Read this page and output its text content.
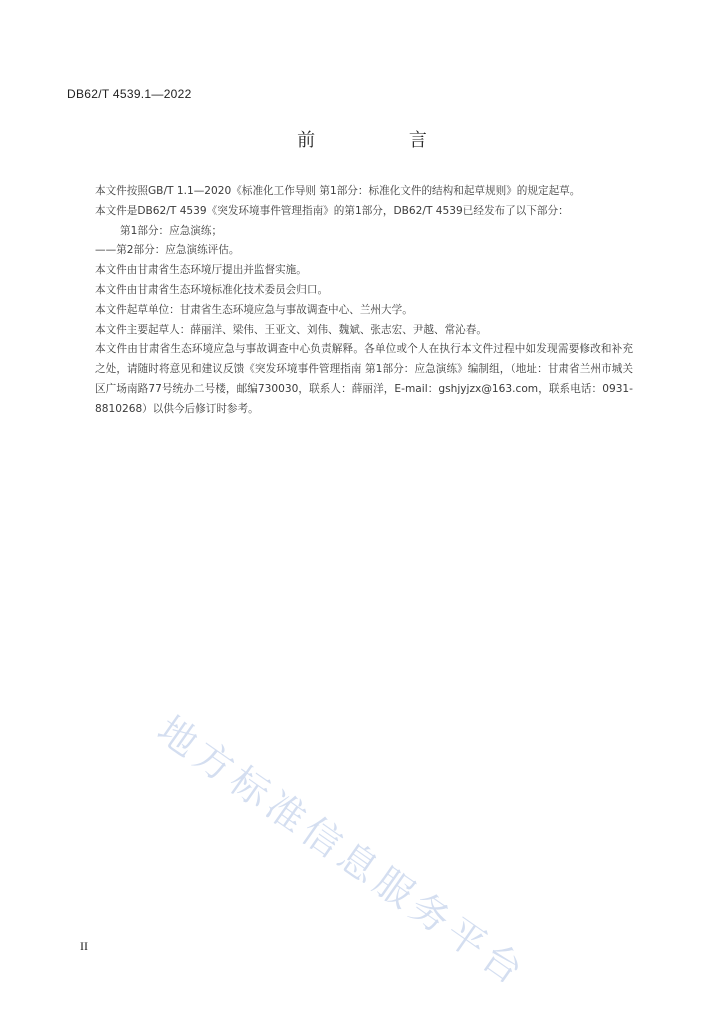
DB62/T 4539.1—2022
前 言

本文件按照GB/T 1.1—2020《标准化工作导则 第1部分：标准化文件的结构和起草规则》的规定起草。

本文件是DB62/T 4539《突发环境事件管理指南》的第1部分，DB62/T 4539已经发布了以下部分：

第1部分：应急演练；

——第2部分：应急演练评估。

本文件由甘肃省生态环境厅提出并监督实施。

本文件由甘肃省生态环境标准化技术委员会归口。

本文件起草单位：甘肃省生态环境应急与事故调查中心、兰州大学。

本文件主要起草人：薛丽洋、梁伟、王亚文、刘伟、魏斌、张志宏、尹越、常沁春。

本文件由甘肃省生态环境应急与事故调查中心负责解释。各单位或个人在执行本文件过程中如发现需要修改和补充之处，请随时将意见和建议反馈《突发环境事件管理指南 第1部分：应急演练》编制组，（地址：甘肃省兰州市城关区广场南路77号统办二号楼，邮编730030，联系人：薛丽洋，E-mail：gshjyjzx@163.com，联系电话：0931-8810268）以供今后修订时参考。

地方标准信息服务平台
II
